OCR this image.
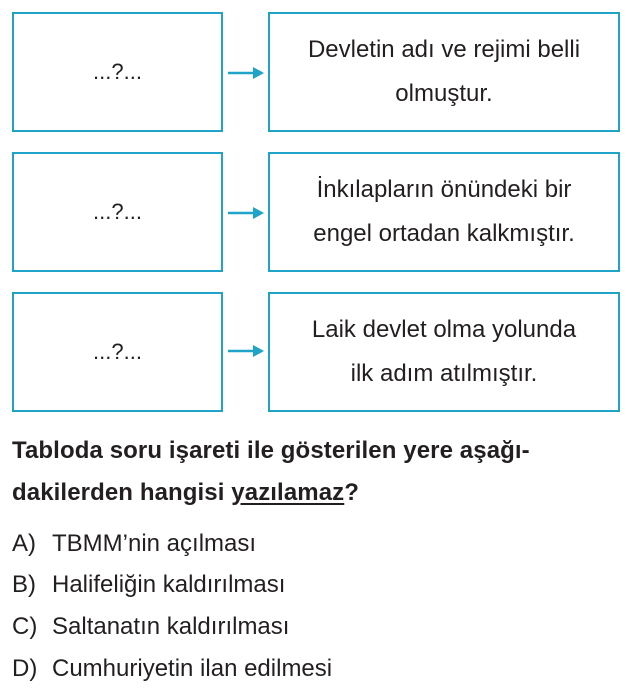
...?...
Devletin adı ve rejimi belli
olmuştur.
...?...
İnkılapların önündeki bir
engel ortadan kalkmıştır.
...?...
Laik devlet olma yolunda
ilk adım atılmıştır.
Tabloda soru işareti ile gösterilen yere aşağı-dakilerden hangisi yazılamaz?
A) TBMM’nin açılması
B) Halifeliğin kaldırılması
C) Saltanatın kaldırılması
D) Cumhuriyetin ilan edilmesi
